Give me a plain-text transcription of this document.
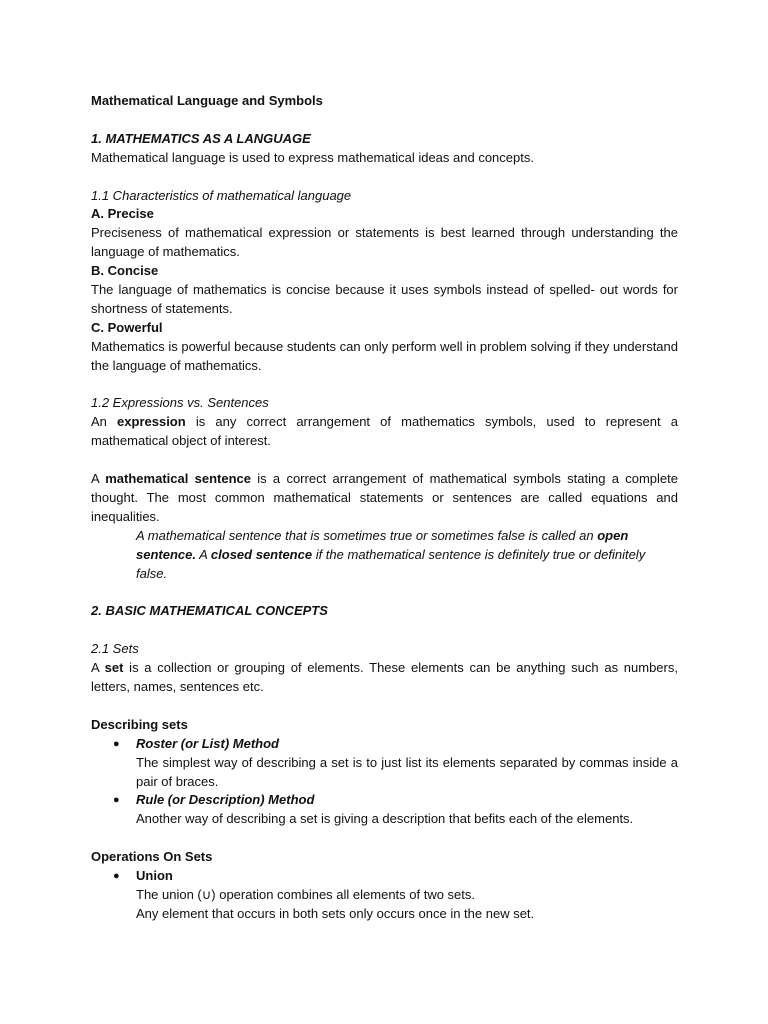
Mathematical Language and Symbols

1. MATHEMATICS AS A LANGUAGE

Mathematical language is used to express mathematical ideas and concepts.

1.1 Characteristics of mathematical language

A. Precise

Preciseness of mathematical expression or statements is best learned through understanding the language of mathematics.

B. Concise

The language of mathematics is concise because it uses symbols instead of spelled- out words for shortness of statements.

C. Powerful

Mathematics is powerful because students can only perform well in problem solving if they understand the language of mathematics.

1.2 Expressions vs. Sentences

An expression is any correct arrangement of mathematics symbols, used to represent a mathematical object of interest.

A mathematical sentence is a correct arrangement of mathematical symbols stating a complete thought. The most common mathematical statements or sentences are called equations and inequalities.

A mathematical sentence that is sometimes true or sometimes false is called an open sentence. A closed sentence if the mathematical sentence is definitely true or definitely false.

2. BASIC MATHEMATICAL CONCEPTS

2.1 Sets

A set is a collection or grouping of elements. These elements can be anything such as numbers, letters, names, sentences etc.

Describing sets

● Roster (or List) Method

The simplest way of describing a set is to just list its elements separated by commas inside a pair of braces.

● Rule (or Description) Method

Another way of describing a set is giving a description that befits each of the elements.

Operations On Sets

● Union

The union (∪) operation combines all elements of two sets.

Any element that occurs in both sets only occurs once in the new set.
